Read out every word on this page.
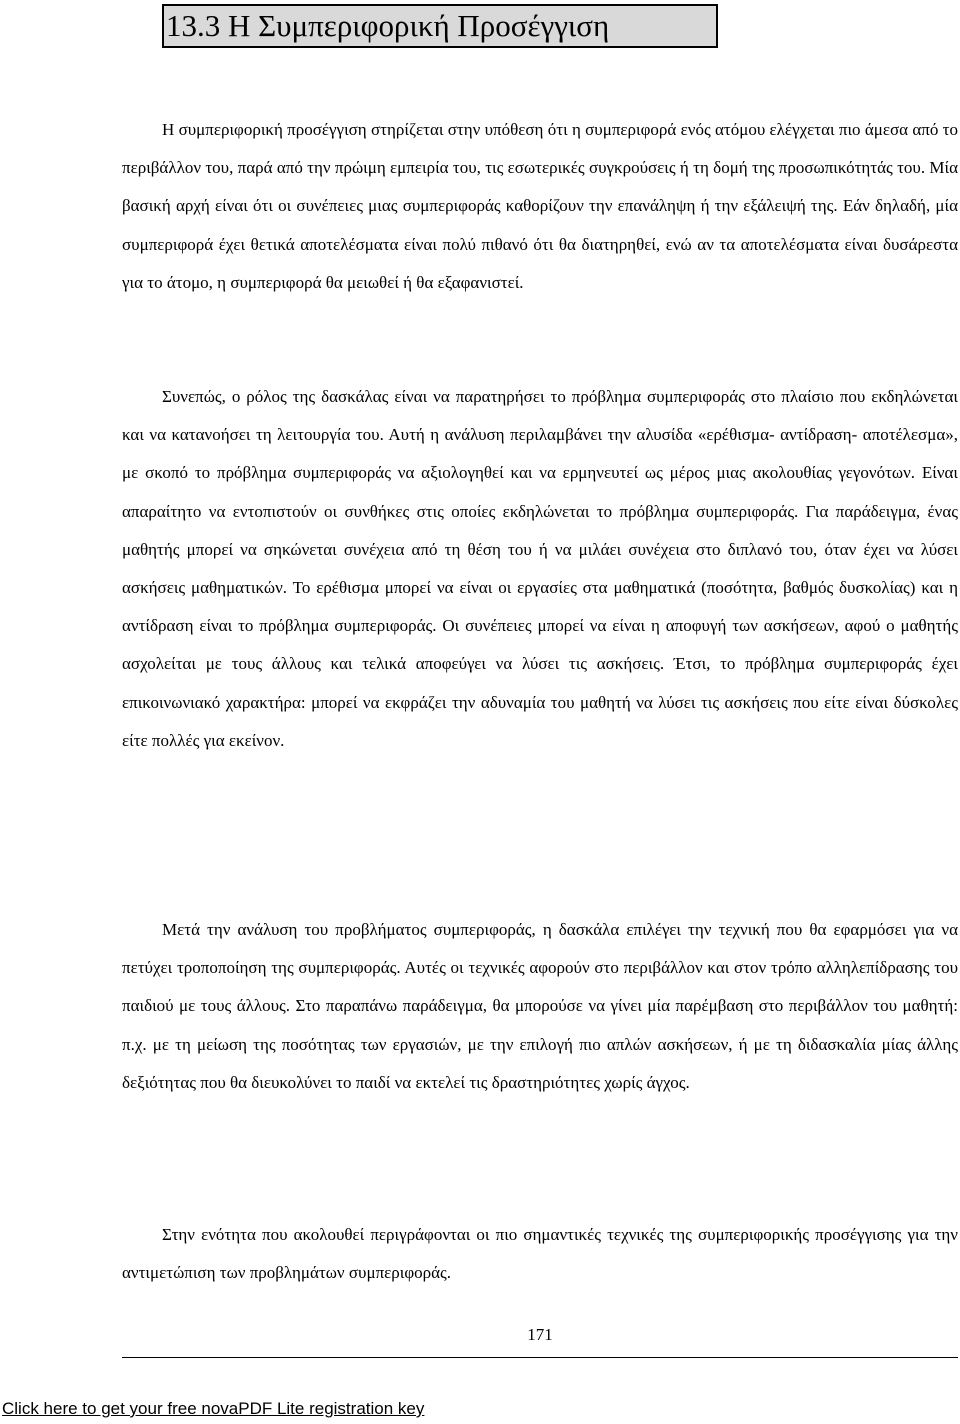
13.3 Η Συμπεριφορική Προσέγγιση

Η συμπεριφορική προσέγγιση στηρίζεται στην υπόθεση ότι η συμπεριφορά ενός ατόμου ελέγχεται πιο άμεσα από το περιβάλλον του, παρά από την πρώιμη εμπειρία του, τις εσωτερικές συγκρούσεις ή τη δομή της προσωπικότητάς του. Μία βασική αρχή είναι ότι οι συνέπειες μιας συμπεριφοράς καθορίζουν την επανάληψη ή την εξάλειψή της. Εάν δηλαδή, μία συμπεριφορά έχει θετικά αποτελέσματα είναι πολύ πιθανό ότι θα διατηρηθεί, ενώ αν τα αποτελέσματα είναι δυσάρεστα για το άτομο, η συμπεριφορά θα μειωθεί ή θα εξαφανιστεί.

Συνεπώς, ο ρόλος της δασκάλας είναι να παρατηρήσει το πρόβλημα συμπεριφοράς στο πλαίσιο που εκδηλώνεται και να κατανοήσει τη λειτουργία του. Αυτή η ανάλυση περιλαμβάνει την αλυσίδα «ερέθισμα- αντίδραση- αποτέλεσμα», με σκοπό το πρόβλημα συμπεριφοράς να αξιολογηθεί και να ερμηνευτεί ως μέρος μιας ακολουθίας γεγονότων. Είναι απαραίτητο να εντοπιστούν οι συνθήκες στις οποίες εκδηλώνεται το πρόβλημα συμπεριφοράς. Για παράδειγμα, ένας μαθητής μπορεί να σηκώνεται συνέχεια από τη θέση του ή να μιλάει συνέχεια στο διπλανό του, όταν έχει να λύσει ασκήσεις μαθηματικών. Το ερέθισμα μπορεί να είναι οι εργασίες στα μαθηματικά (ποσότητα, βαθμός δυσκολίας) και η αντίδραση είναι το πρόβλημα συμπεριφοράς. Οι συνέπειες μπορεί να είναι η αποφυγή των ασκήσεων, αφού ο μαθητής ασχολείται με τους άλλους και τελικά αποφεύγει να λύσει τις ασκήσεις. Έτσι, το πρόβλημα συμπεριφοράς έχει επικοινωνιακό χαρακτήρα: μπορεί να εκφράζει την αδυναμία του μαθητή να λύσει τις ασκήσεις που είτε είναι δύσκολες είτε πολλές για εκείνον.

Μετά την ανάλυση του προβλήματος συμπεριφοράς, η δασκάλα επιλέγει την τεχνική που θα εφαρμόσει για να πετύχει τροποποίηση της συμπεριφοράς. Αυτές οι τεχνικές αφορούν στο περιβάλλον και στον τρόπο αλληλεπίδρασης του παιδιού με τους άλλους. Στο παραπάνω παράδειγμα, θα μπορούσε να γίνει μία παρέμβαση στο περιβάλλον του μαθητή: π.χ. με τη μείωση της ποσότητας των εργασιών, με την επιλογή πιο απλών ασκήσεων, ή με τη διδασκαλία μίας άλλης δεξιότητας που θα διευκολύνει το παιδί να εκτελεί τις δραστηριότητες χωρίς άγχος.

Στην ενότητα που ακολουθεί περιγράφονται οι πιο σημαντικές τεχνικές της συμπεριφορικής προσέγγισης για την αντιμετώπιση των προβλημάτων συμπεριφοράς.

171
Click here to get your free novaPDF Lite registration key
